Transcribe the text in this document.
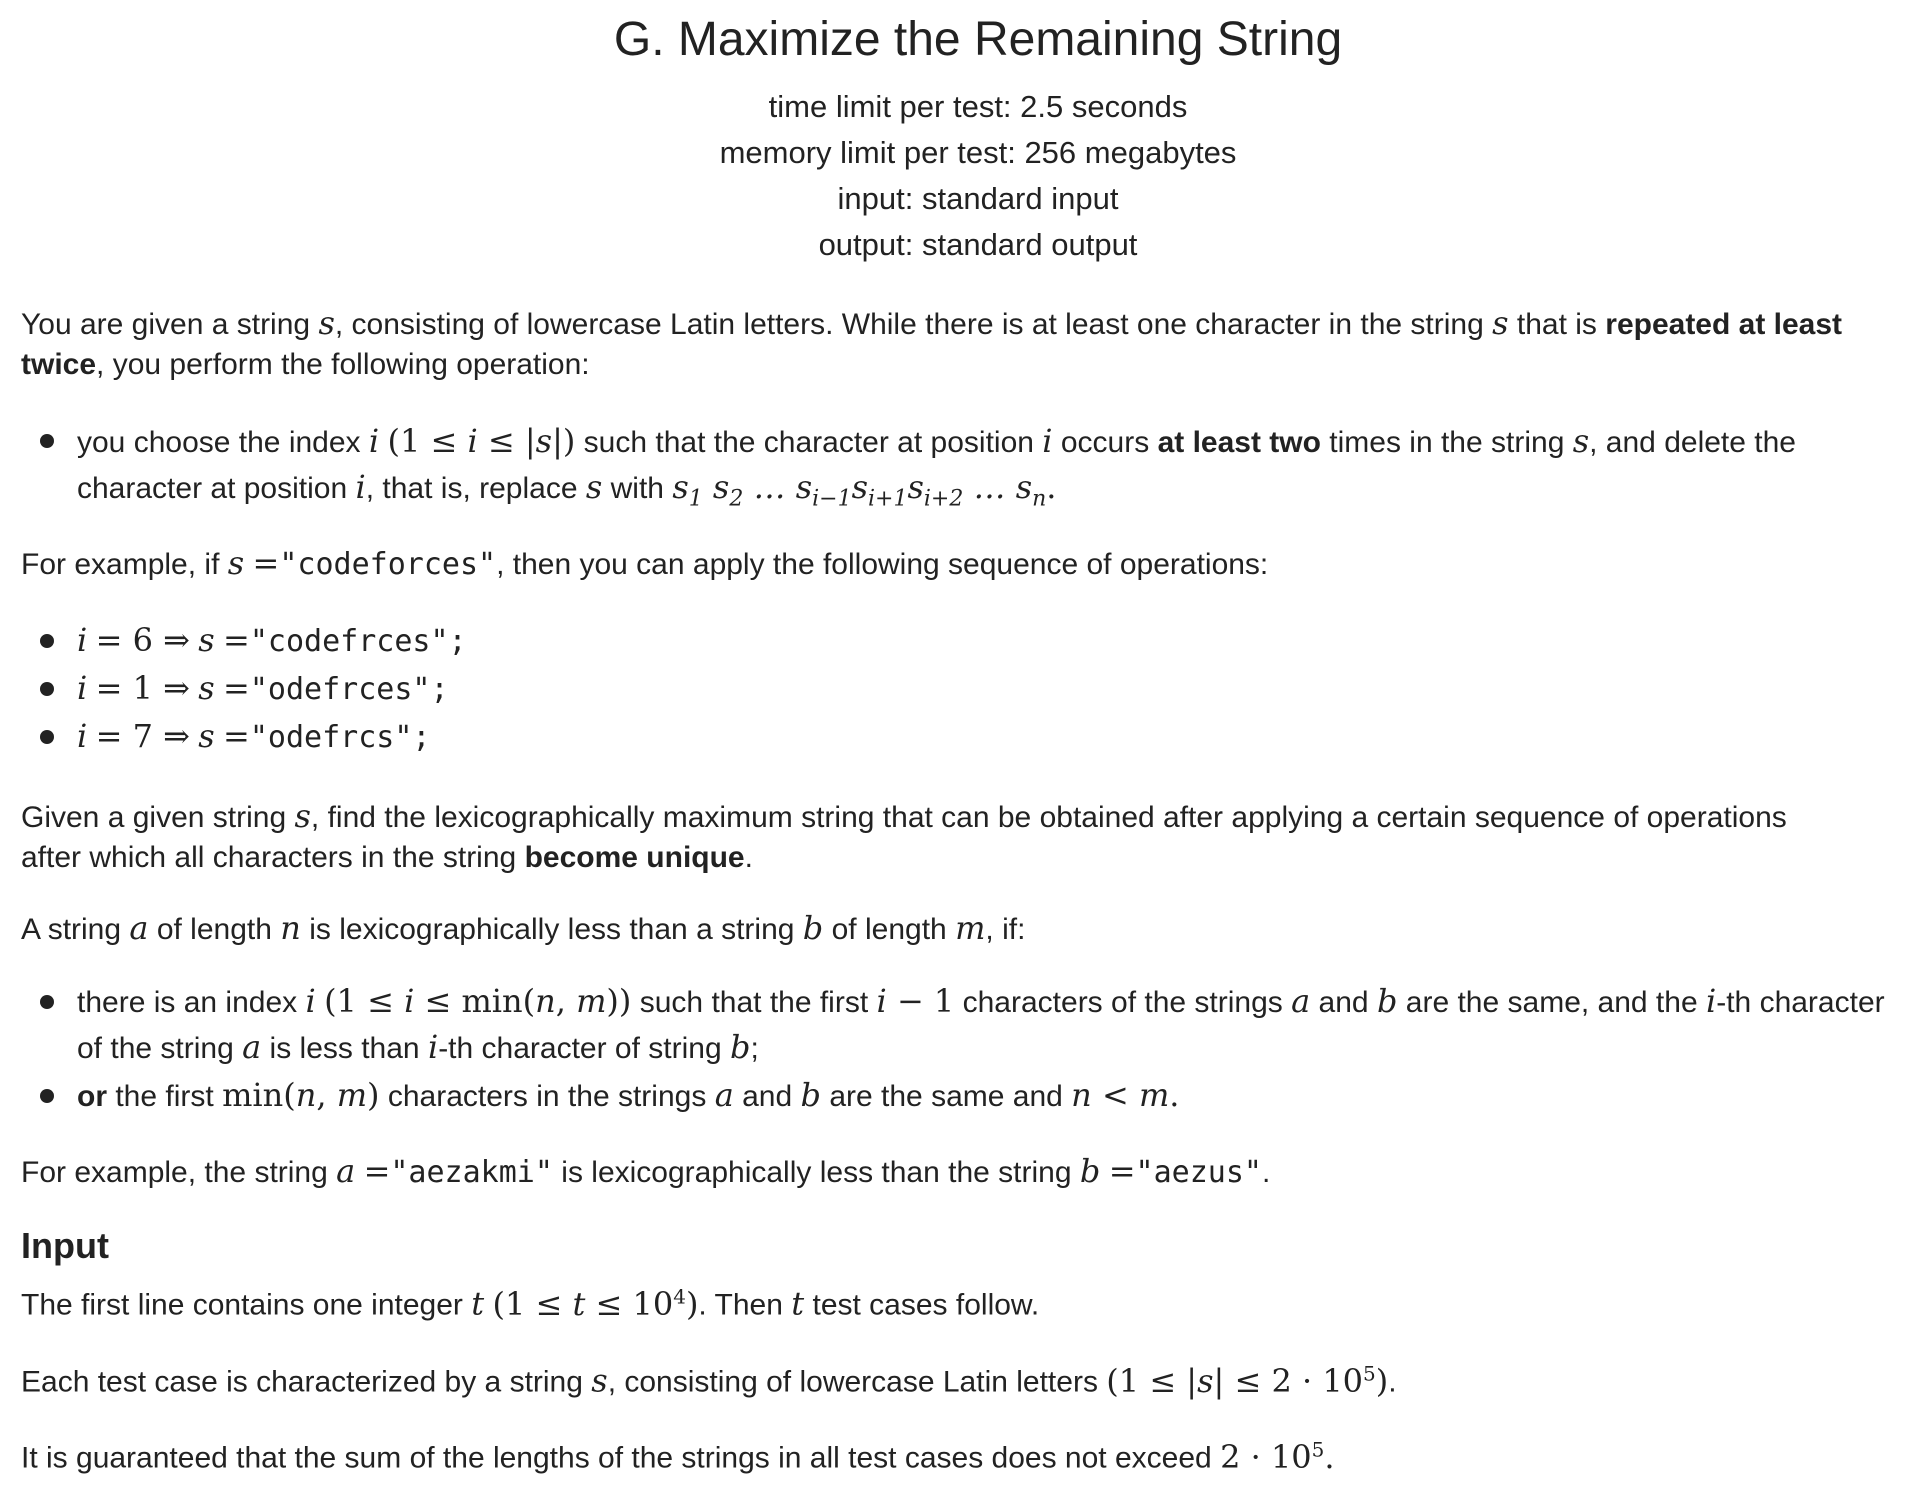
G. Maximize the Remaining String
time limit per test: 2.5 seconds
memory limit per test: 256 megabytes
input: standard input
output: standard output
You are given a string s, consisting of lowercase Latin letters. While there is at least one character in the string s that is repeated at least
twice, you perform the following operation:
you choose the index i (1 ≤ i ≤ |s|) such that the character at position i occurs at least two times in the string s, and delete the
character at position i, that is, replace s with $s_1$ $s_2$ … $s_{i-1}s_{i+1}s_{i+2}$ … $s_n$.
For example, if s ="codeforces", then you can apply the following sequence of operations:
i = 6 ⇒ s ="codefrces";
i = 1 ⇒ s ="odefrces";
i = 7 ⇒ s ="odefrcs";
Given a given string s, find the lexicographically maximum string that can be obtained after applying a certain sequence of operations
after which all characters in the string become unique.
A string a of length n is lexicographically less than a string b of length m, if:
there is an index i (1 ≤ i ≤ min(n, m)) such that the first i − 1 characters of the strings a and b are the same, and the i-th character
of the string a is less than i-th character of string b;
or the first min(n, m) characters in the strings a and b are the same and n < m.
For example, the string a ="aezakmi" is lexicographically less than the string b ="aezus".
Input
The first line contains one integer t $(1 \le t \le 10^4)$. Then t test cases follow.
Each test case is characterized by a string s, consisting of lowercase Latin letters $(1 \le |s| \le 2 \cdot 10^5)$.
It is guaranteed that the sum of the lengths of the strings in all test cases does not exceed $2 \cdot 10^5$.
